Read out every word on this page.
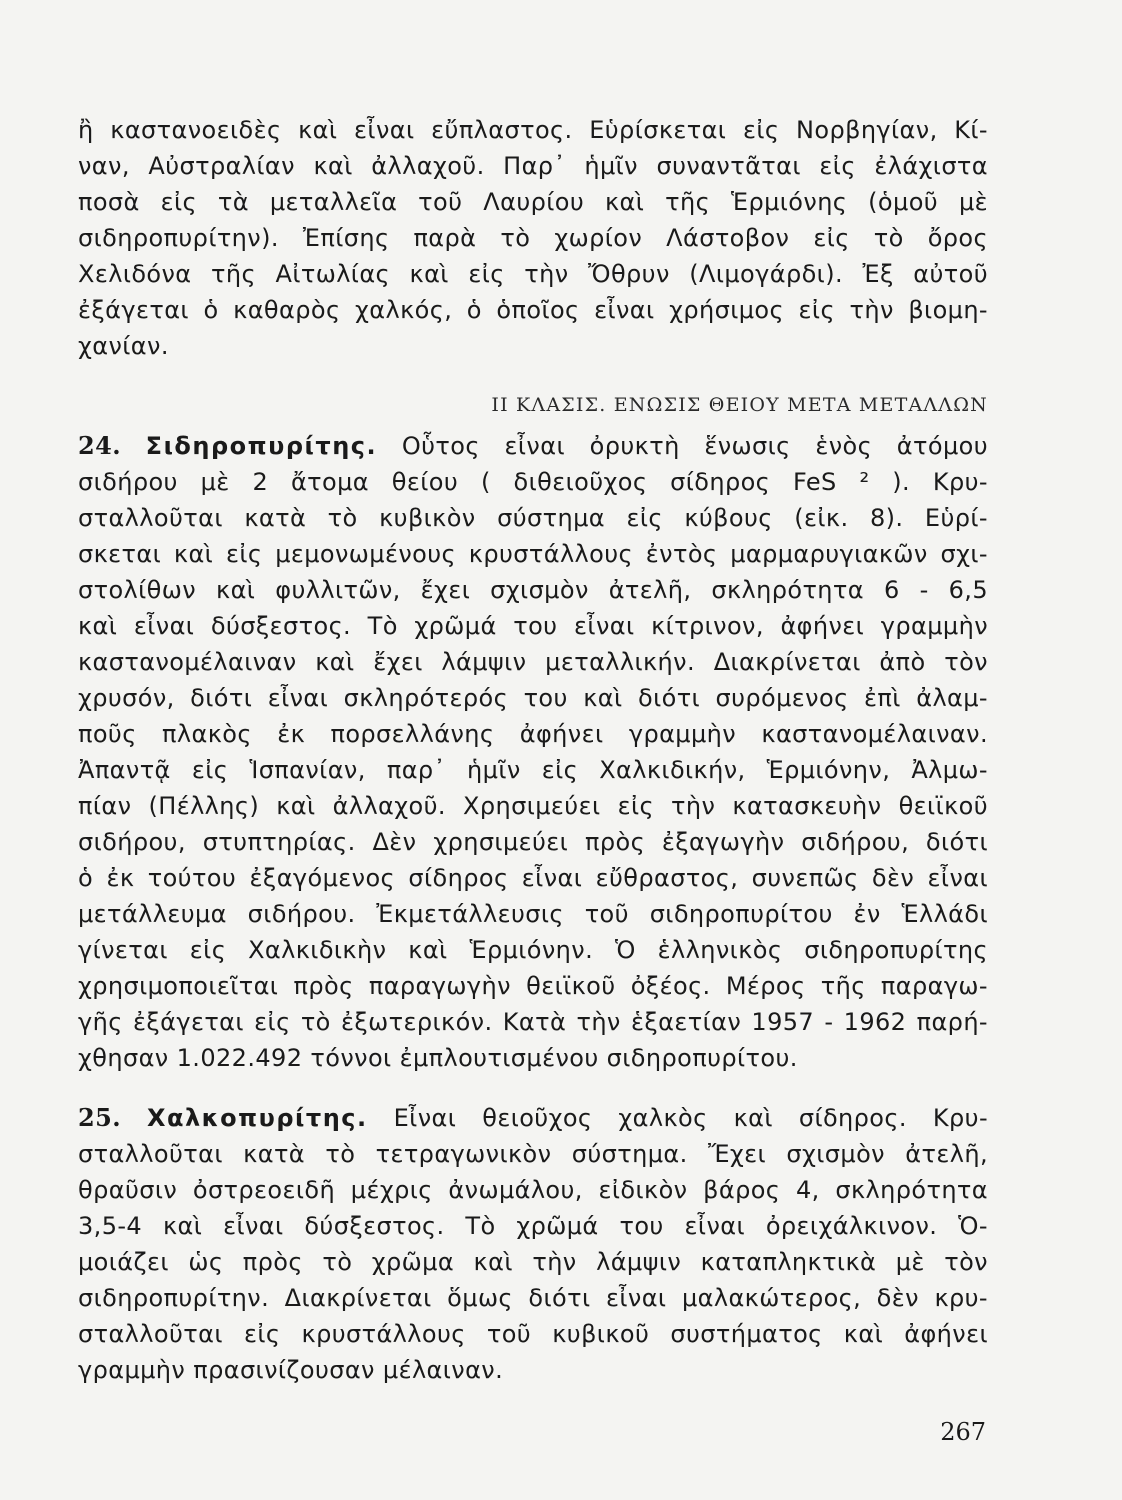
ἢ καστανοειδὲς καὶ εἶναι εὔπλαστος. Εὑρίσκεται εἰς Νορβηγίαν, Κί-
ναν, Αὐστραλίαν καὶ ἀλλαχοῦ. Παρ᾽ ἡμῖν συναντᾶται εἰς ἐλάχιστα
ποσὰ εἰς τὰ μεταλλεῖα τοῦ Λαυρίου καὶ τῆς Ἑρμιόνης (ὁμοῦ μὲ
σιδηροπυρίτην). Ἐπίσης παρὰ τὸ χωρίον Λάστοβον εἰς τὸ ὄρος
Χελιδόνα τῆς Αἰτωλίας καὶ εἰς τὴν Ὄθρυν (Λιμογάρδι). Ἐξ αὐτοῦ
ἐξάγεται ὁ καθαρὸς χαλκός, ὁ ὁποῖος εἶναι χρήσιμος εἰς τὴν βιομη-
χανίαν.
ΙΙ ΚΛΑΣΙΣ. ΕΝΩΣΙΣ ΘΕΙΟΥ ΜΕΤΑ ΜΕΤΑΛΛΩΝ
24. Σιδηροπυρίτης. Οὗτος εἶναι ὀρυκτὴ ἕνωσις ἑνὸς ἀτόμου
σιδήρου μὲ 2 ἄτομα θείου ( διθειοῦχος σίδηρος FeS ² ). Κρυ-
σταλλοῦται κατὰ τὸ κυβικὸν σύστημα εἰς κύβους (εἰκ. 8). Εὑρί-
σκεται καὶ εἰς μεμονωμένους κρυστάλλους ἐντὸς μαρμαρυγιακῶν σχι-
στολίθων καὶ φυλλιτῶν, ἔχει σχισμὸν ἀτελῆ, σκληρότητα 6 - 6,5
καὶ εἶναι δύσξεστος. Τὸ χρῶμά του εἶναι κίτρινον, ἀφήνει γραμμὴν
καστανομέλαιναν καὶ ἔχει λάμψιν μεταλλικήν. Διακρίνεται ἀπὸ τὸν
χρυσόν, διότι εἶναι σκληρότερός του καὶ διότι συρόμενος ἐπὶ ἀλαμ-
ποῦς πλακὸς ἐκ πορσελλάνης ἀφήνει γραμμὴν καστανομέλαιναν.
Ἀπαντᾷ εἰς Ἱσπανίαν, παρ᾽ ἡμῖν εἰς Χαλκιδικήν, Ἑρμιόνην, Ἀλμω-
πίαν (Πέλλης) καὶ ἀλλαχοῦ. Χρησιμεύει εἰς τὴν κατασκευὴν θειϊκοῦ
σιδήρου, στυπτηρίας. Δὲν χρησιμεύει πρὸς ἐξαγωγὴν σιδήρου, διότι
ὁ ἐκ τούτου ἐξαγόμενος σίδηρος εἶναι εὔθραστος, συνεπῶς δὲν εἶναι
μετάλλευμα σιδήρου. Ἐκμετάλλευσις τοῦ σιδηροπυρίτου ἐν Ἑλλάδι
γίνεται εἰς Χαλκιδικὴν καὶ Ἑρμιόνην. Ὁ ἑλληνικὸς σιδηροπυρίτης
χρησιμοποιεῖται πρὸς παραγωγὴν θειϊκοῦ ὀξέος. Μέρος τῆς παραγω-
γῆς ἐξάγεται εἰς τὸ ἐξωτερικόν. Κατὰ τὴν ἑξαετίαν 1957 - 1962 παρή-
χθησαν 1.022.492 τόννοι ἐμπλουτισμένου σιδηροπυρίτου.
25. Χαλκοπυρίτης. Εἶναι θειοῦχος χαλκὸς καὶ σίδηρος. Κρυ-
σταλλοῦται κατὰ τὸ τετραγωνικὸν σύστημα. Ἔχει σχισμὸν ἀτελῆ,
θραῦσιν ὀστρεοειδῆ μέχρις ἀνωμάλου, εἰδικὸν βάρος 4, σκληρότητα
3,5-4 καὶ εἶναι δύσξεστος. Τὸ χρῶμά του εἶναι ὀρειχάλκινον. Ὁ-
μοιάζει ὡς πρὸς τὸ χρῶμα καὶ τὴν λάμψιν καταπληκτικὰ μὲ τὸν
σιδηροπυρίτην. Διακρίνεται ὅμως διότι εἶναι μαλακώτερος, δὲν κρυ-
σταλλοῦται εἰς κρυστάλλους τοῦ κυβικοῦ συστήματος καὶ ἀφήνει
γραμμὴν πρασινίζουσαν μέλαιναν.
267
